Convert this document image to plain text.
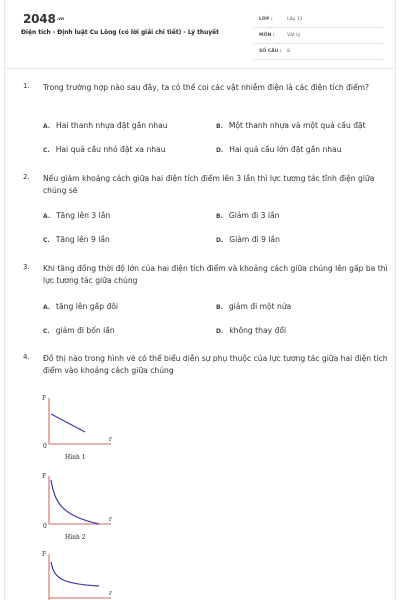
2048.vn
Điện tích - Định luật Cu Lông (có lời giải chi tiết) - Lý thuyết
LỚP :	Lớp 11
MÔN :	Vật lý
SỐ CÂU : 8
1. Trong trường hợp nào sau đây, ta có thể coi các vật nhiễm điện là các điện tích điểm?
A. Hai thanh nhựa đặt gần nhau	B. Một thanh nhựa và một quả cầu đặt
C. Hai quả cầu nhỏ đặt xa nhau	D. Hai quả cầu lớn đặt gần nhau
2. Nếu giảm khoảng cách giữa hai điện tích điểm lên 3 lần thì lực tương tác tĩnh điện giữa chúng sẽ
A. Tăng lên 3 lần	B. Giảm đi 3 lần
C. Tăng lên 9 lần	D. Giảm đi 9 lần
3. Khi tăng đồng thời độ lớn của hai điện tích điểm và khoảng cách giữa chúng lên gấp ba thì lực tương tác giữa chúng
A. tăng lên gấp đôi	B. giảm đi một nửa
C. giảm đi bốn lần	D. không thay đổi
4. Đồ thị nào trong hình vẽ có thể biểu diễn sự phụ thuộc của lực tương tác giữa hai điện tích điểm vào khoảng cách giữa chúng
F
r
0
Hình 1
F
r
0
Hình 2
F
r
